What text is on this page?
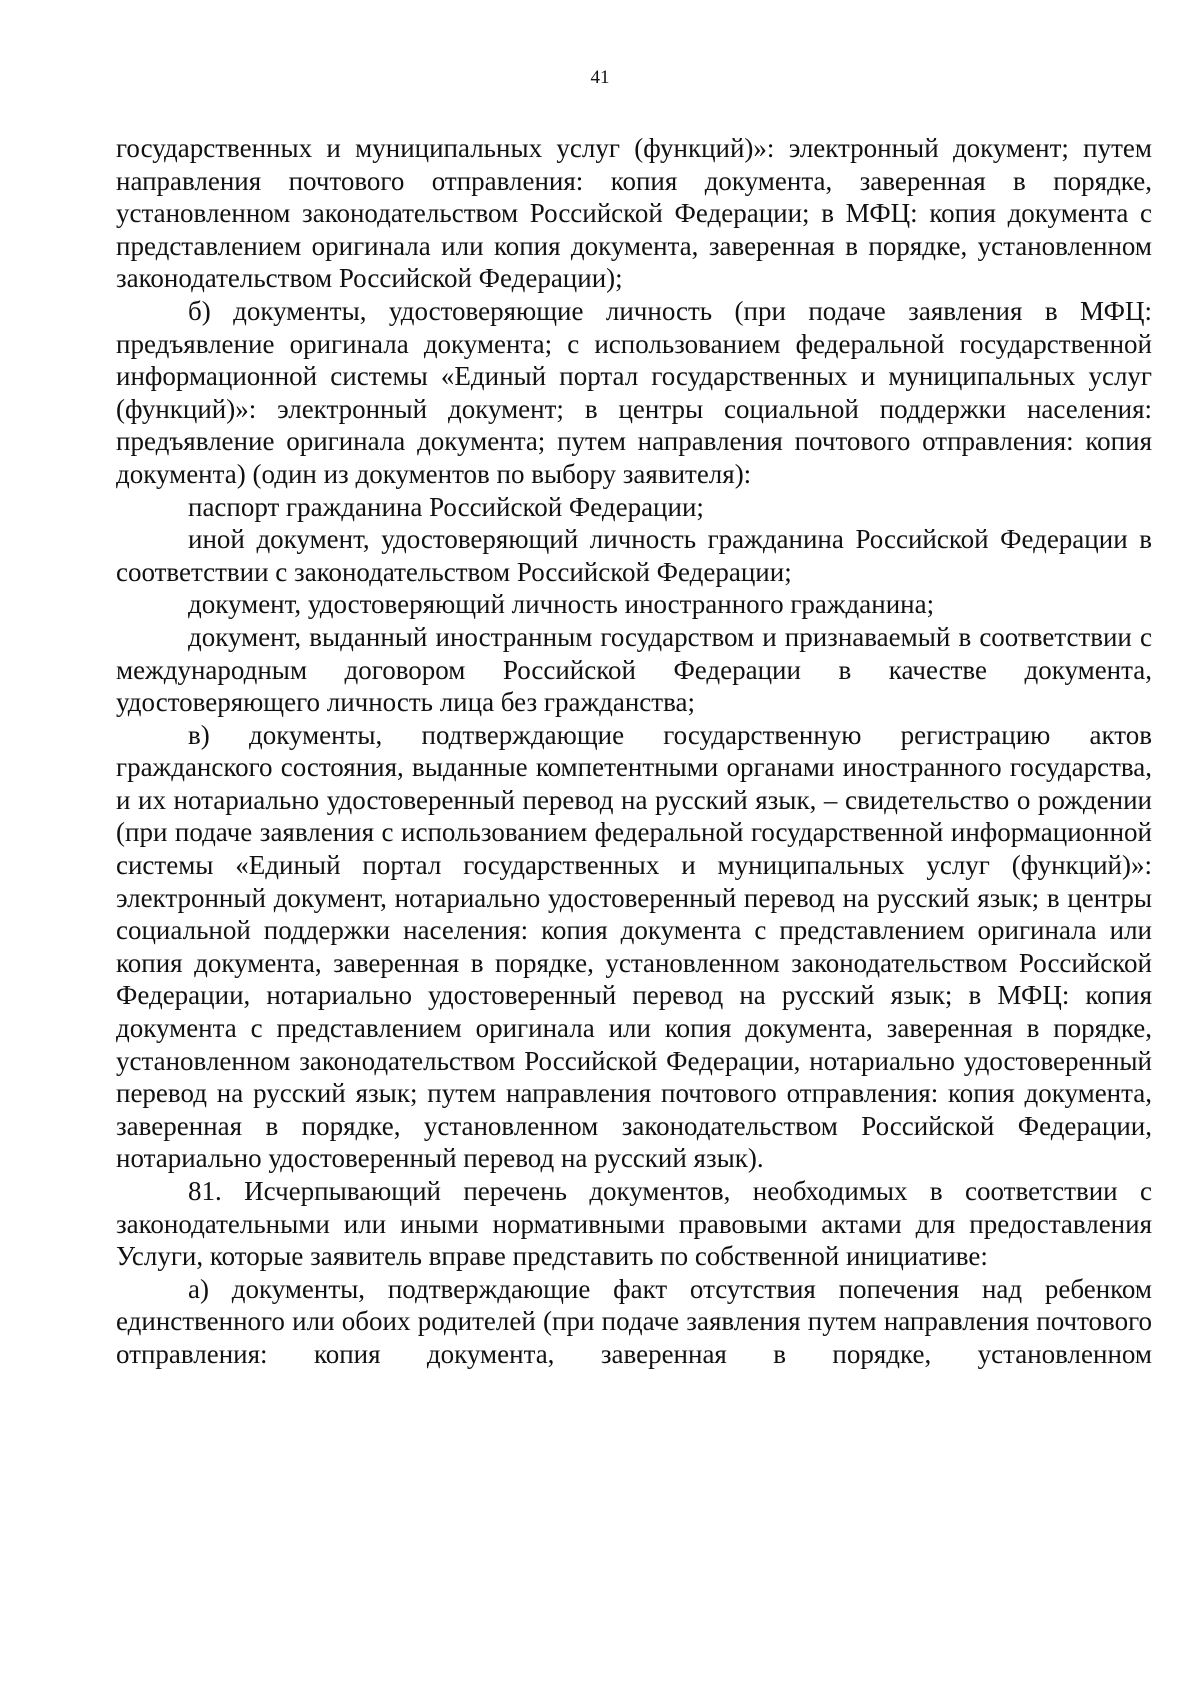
41

государственных и муниципальных услуг (функций)»: электронный документ; путем направления почтового отправления: копия документа, заверенная в порядке, установленном законодательством Российской Федерации; в МФЦ: копия документа с представлением оригинала или копия документа, заверенная в порядке, установленном законодательством Российской Федерации);

б) документы, удостоверяющие личность (при подаче заявления в МФЦ: предъявление оригинала документа; с использованием федеральной государственной информационной системы «Единый портал государственных и муниципальных услуг (функций)»: электронный документ; в центры социальной поддержки населения: предъявление оригинала документа; путем направления почтового отправления: копия документа) (один из документов по выбору заявителя):

паспорт гражданина Российской Федерации;

иной документ, удостоверяющий личность гражданина Российской Федерации в соответствии с законодательством Российской Федерации;

документ, удостоверяющий личность иностранного гражданина;

документ, выданный иностранным государством и признаваемый в соответствии с международным договором Российской Федерации в качестве документа, удостоверяющего личность лица без гражданства;

в) документы, подтверждающие государственную регистрацию актов гражданского состояния, выданные компетентными органами иностранного государства, и их нотариально удостоверенный перевод на русский язык, – свидетельство о рождении (при подаче заявления с использованием федеральной государственной информационной системы «Единый портал государственных и муниципальных услуг (функций)»: электронный документ, нотариально удостоверенный перевод на русский язык; в центры социальной поддержки населения: копия документа с представлением оригинала или копия документа, заверенная в порядке, установленном законодательством Российской Федерации, нотариально удостоверенный перевод на русский язык; в МФЦ: копия документа с представлением оригинала или копия документа, заверенная в порядке, установленном законодательством Российской Федерации, нотариально удостоверенный перевод на русский язык; путем направления почтового отправления: копия документа, заверенная в порядке, установленном законодательством Российской Федерации, нотариально удостоверенный перевод на русский язык).

81. Исчерпывающий перечень документов, необходимых в соответствии с законодательными или иными нормативными правовыми актами для предоставления Услуги, которые заявитель вправе представить по собственной инициативе:

а) документы, подтверждающие факт отсутствия попечения над ребенком единственного или обоих родителей (при подаче заявления путем направления почтового отправления: копия документа, заверенная в порядке, установленном
